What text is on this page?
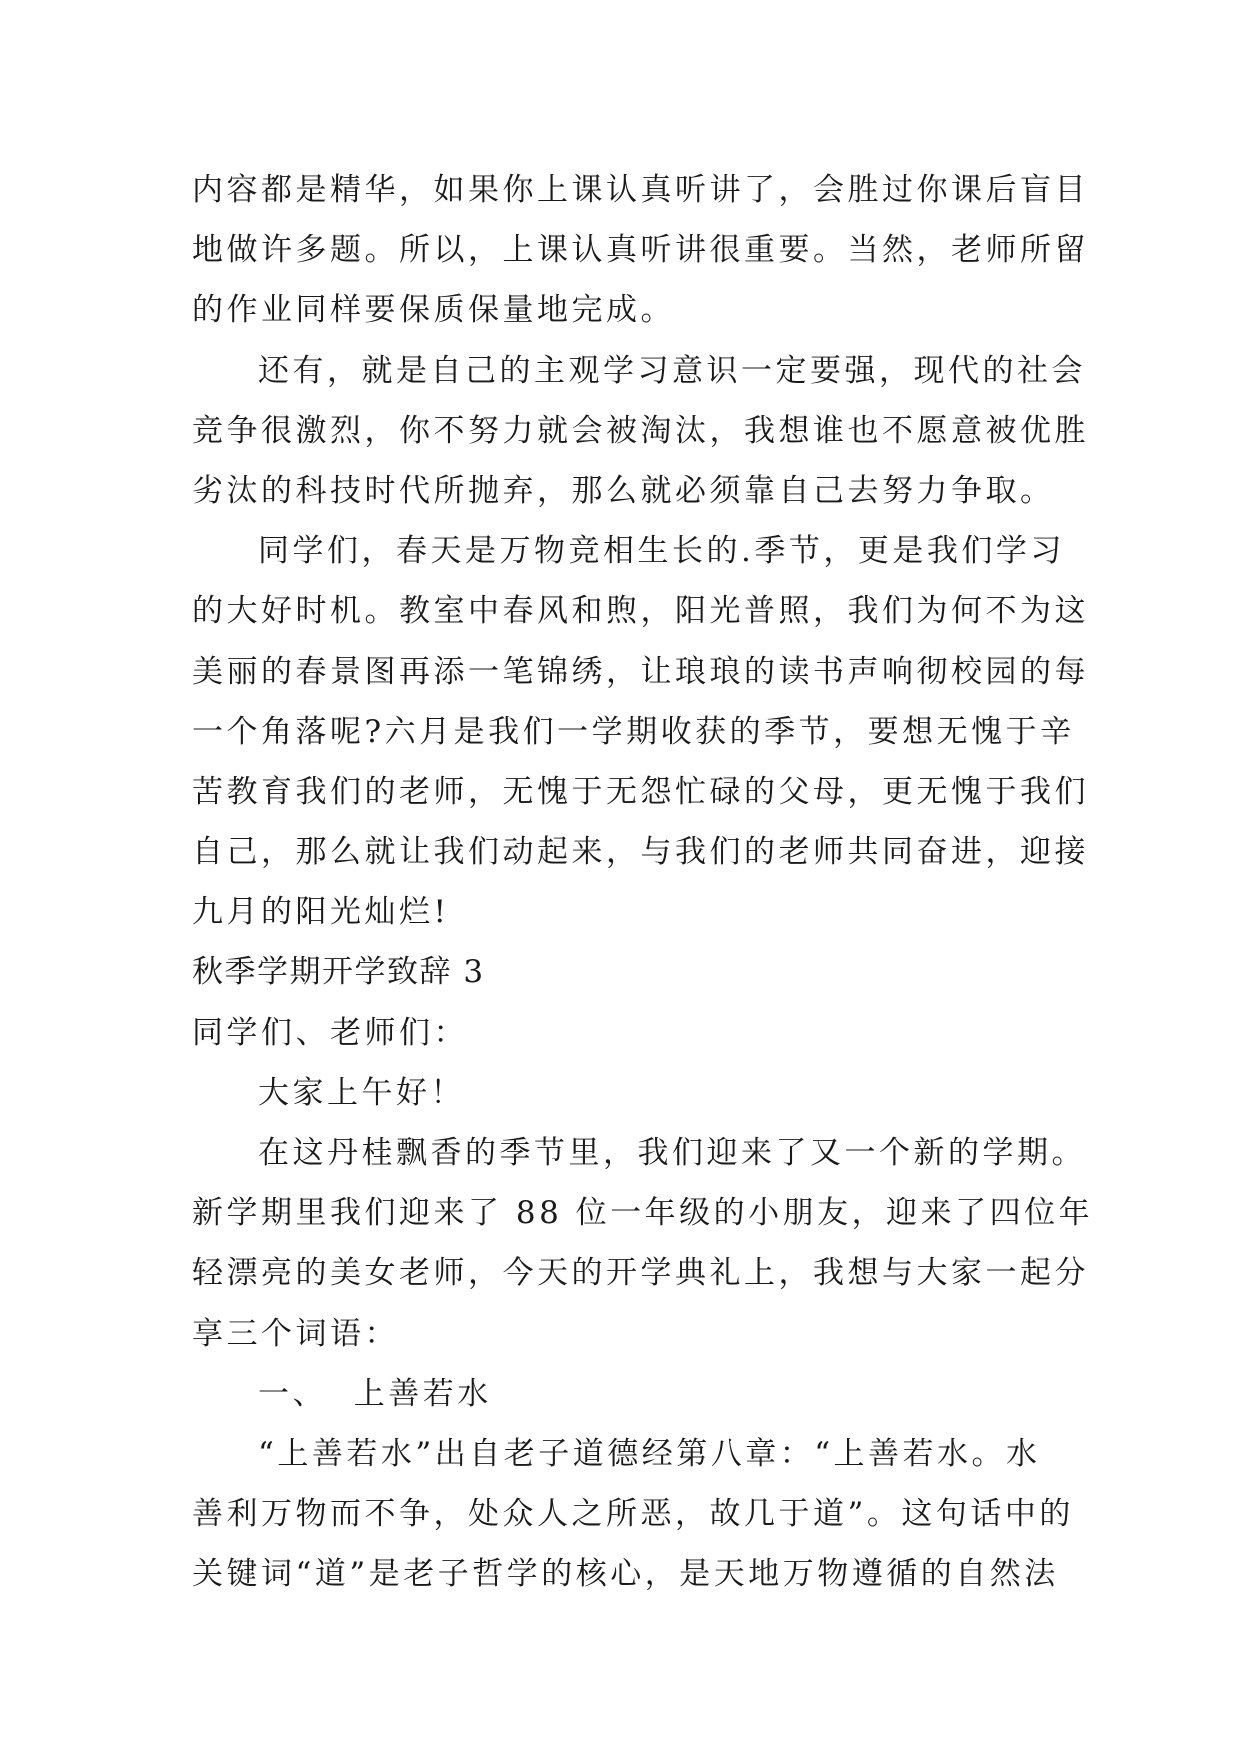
内容都是精华，如果你上课认真听讲了，会胜过你课后盲目
地做许多题。所以，上课认真听讲很重要。当然，老师所留
的作业同样要保质保量地完成。
还有，就是自己的主观学习意识一定要强，现代的社会
竞争很激烈，你不努力就会被淘汰，我想谁也不愿意被优胜
劣汰的科技时代所抛弃，那么就必须靠自己去努力争取。
同学们，春天是万物竞相生长的.季节，更是我们学习
的大好时机。教室中春风和煦，阳光普照，我们为何不为这
美丽的春景图再添一笔锦绣，让琅琅的读书声响彻校园的每
一个角落呢?六月是我们一学期收获的季节，要想无愧于辛
苦教育我们的老师，无愧于无怨忙碌的父母，更无愧于我们
自己，那么就让我们动起来，与我们的老师共同奋进，迎接
九月的阳光灿烂!
秋季学期开学致辞 3
同学们、老师们：
大家上午好！
在这丹桂飘香的季节里，我们迎来了又一个新的学期。
新学期里我们迎来了 88 位一年级的小朋友，迎来了四位年
轻漂亮的美女老师，今天的开学典礼上，我想与大家一起分
享三个词语：
一、  上善若水
“上善若水”出自老子道德经第八章：“上善若水。水
善利万物而不争，处众人之所恶，故几于道”。这句话中的
关键词“道”是老子哲学的核心，是天地万物遵循的自然法
